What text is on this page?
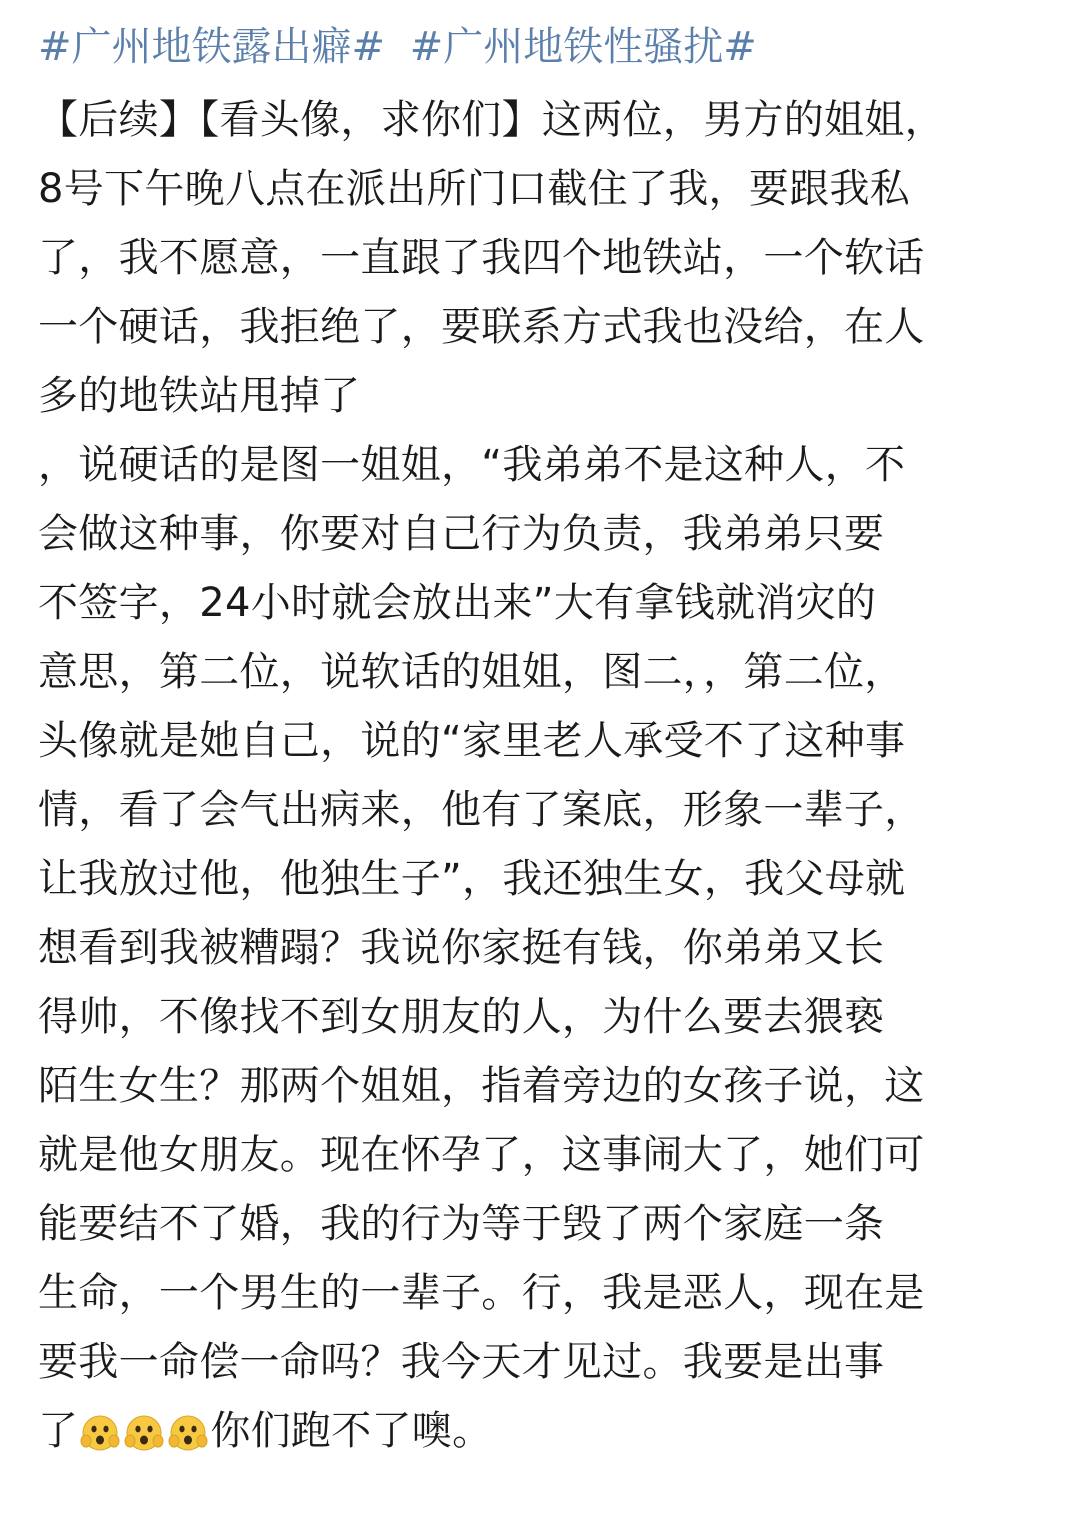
#广州地铁露出癖# #广州地铁性骚扰#
【后续】【看头像，求你们】这两位，男方的姐姐，
8号下午晚八点在派出所门口截住了我，要跟我私
了，我不愿意，一直跟了我四个地铁站，一个软话
一个硬话，我拒绝了，要联系方式我也没给，在人
多的地铁站甩掉了
，说硬话的是图一姐姐，“我弟弟不是这种人，不
会做这种事，你要对自己行为负责，我弟弟只要
不签字，24小时就会放出来”大有拿钱就消灾的
意思，第二位，说软话的姐姐，图二，，第二位，
头像就是她自己，说的“家里老人承受不了这种事
情，看了会气出病来，他有了案底，形象一辈子，
让我放过他，他独生子”，我还独生女，我父母就
想看到我被糟蹋？我说你家挺有钱，你弟弟又长
得帅，不像找不到女朋友的人，为什么要去猥亵
陌生女生？那两个姐姐，指着旁边的女孩子说，这
就是他女朋友。现在怀孕了，这事闹大了，她们可
能要结不了婚，我的行为等于毁了两个家庭一条
生命，一个男生的一辈子。行，我是恶人，现在是
要我一命偿一命吗？我今天才见过。我要是出事
了	你们跑不了噢。
